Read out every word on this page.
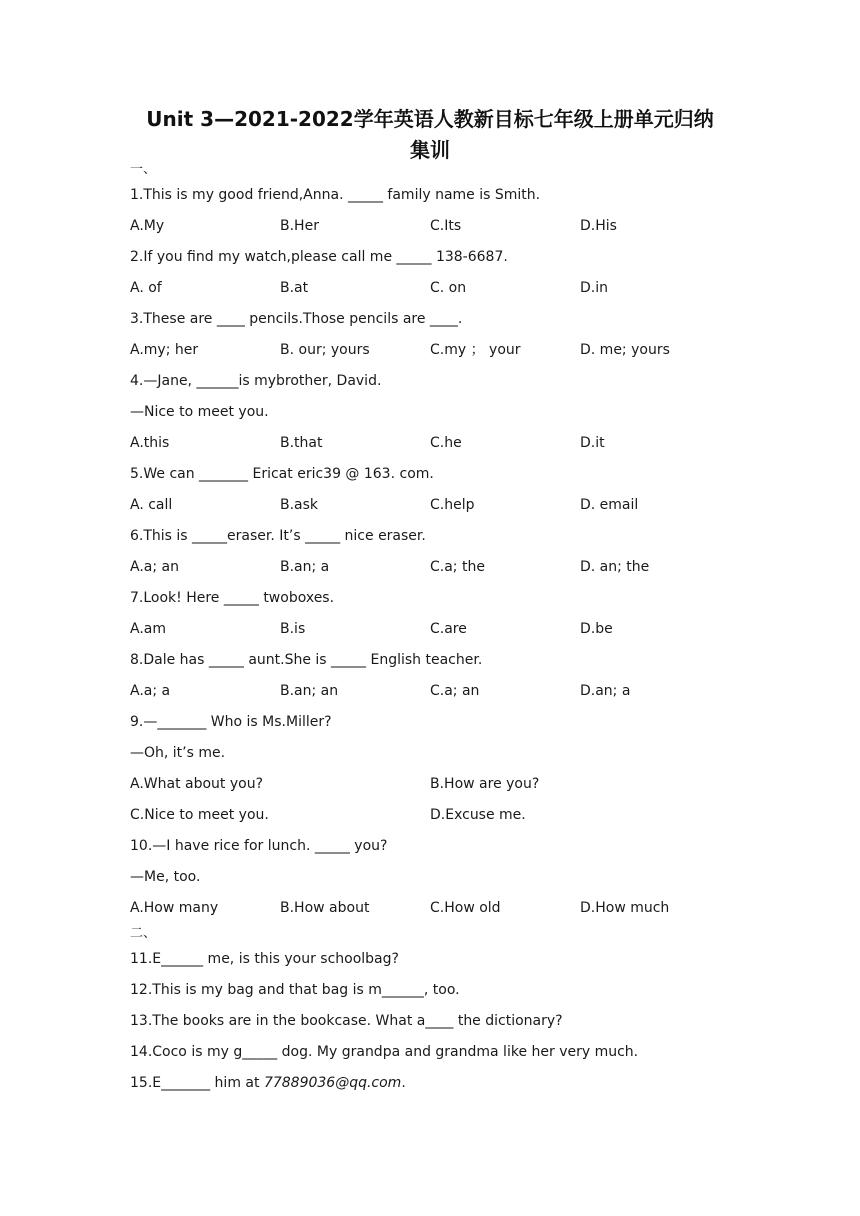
Unit 3—2021-2022学年英语人教新目标七年级上册单元归纳
集训
一、
1.This is my good friend,Anna. _____ family name is Smith.
A.My	B.Her	C.Its	D.His
2.If you find my watch,please call me _____ 138-6687.
A. of	B.at	C. on	D.in
3.These are ____ pencils.Those pencils are ____.
A.my; her	B. our; yours	C.my ； your	D. me; yours
4.—Jane, ______is mybrother, David.
—Nice to meet you.
A.this	B.that	C.he	D.it
5.We can _______ Ericat eric39 @ 163. com.
A. call	B.ask	C.help	D. email
6.This is _____eraser. It’s _____ nice eraser.
A.a; an	B.an; a	C.a; the	D. an; the
7.Look! Here _____ twoboxes.
A.am	B.is	C.are	D.be
8.Dale has _____ aunt.She is _____ English teacher.
A.a; a	B.an; an	C.a; an	D.an; a
9.—_______ Who is Ms.Miller?
—Oh, it’s me.
A.What about you?	B.How are you?
C.Nice to meet you.	D.Excuse me.
10.—I have rice for lunch. _____ you?
—Me, too.
A.How many	B.How about	C.How old	D.How much
二、
11.E______ me, is this your schoolbag?
12.This is my bag and that bag is m______, too.
13.The books are in the bookcase. What a____ the dictionary?
14.Coco is my g_____ dog. My grandpa and grandma like her very much.
15.E_______ him at 77889036@qq.com.
